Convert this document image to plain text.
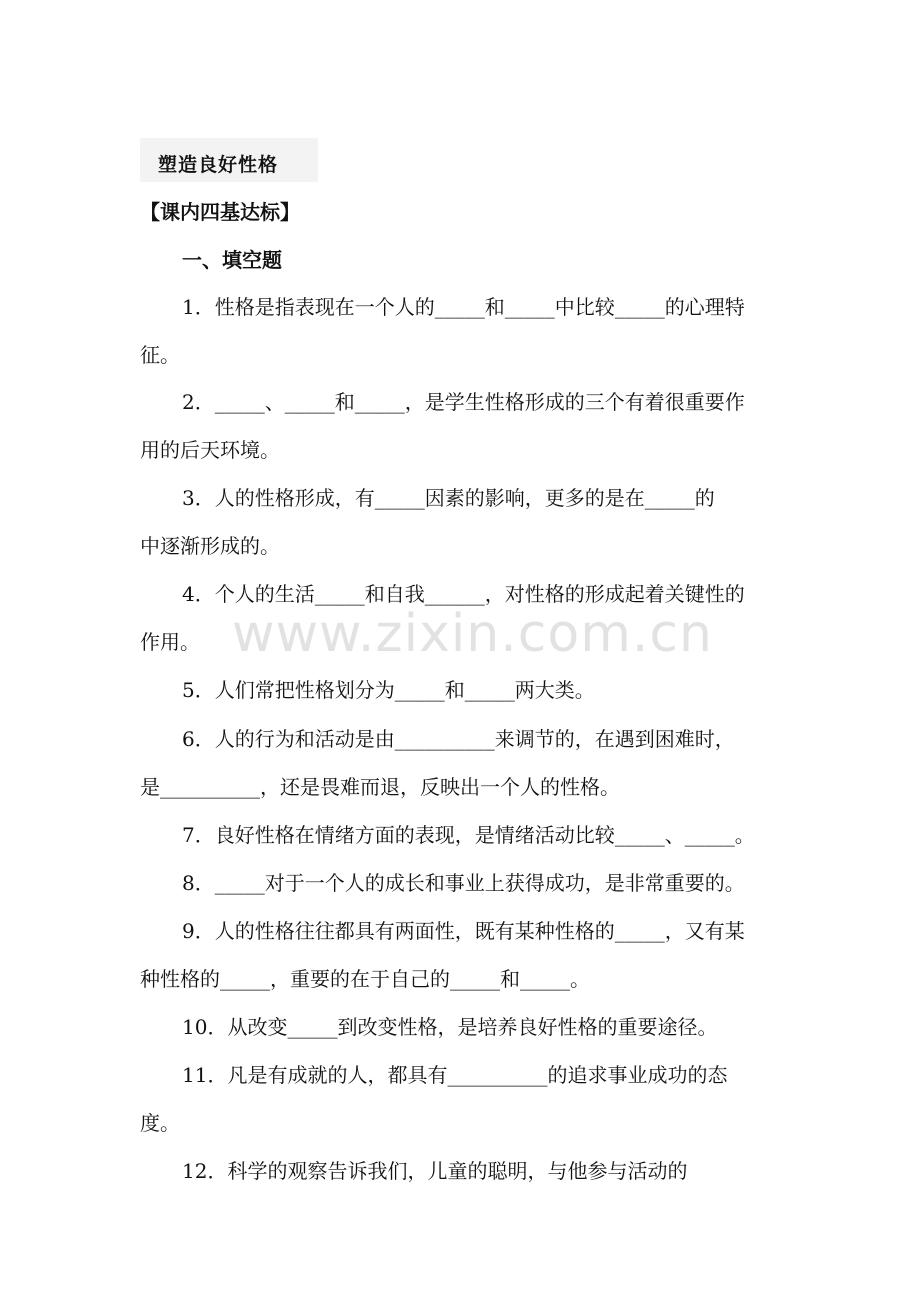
塑造良好性格
【课内四基达标】
一、填空题
1．性格是指表现在一个人的_____和_____中比较_____的心理特
征。
2．_____、_____和_____，是学生性格形成的三个有着很重要作
用的后天环境。
3．人的性格形成，有_____因素的影响，更多的是在_____的
中逐渐形成的。
4．个人的生活_____和自我______，对性格的形成起着关键性的
作用。
5．人们常把性格划分为_____和_____两大类。
6．人的行为和活动是由__________来调节的，在遇到困难时，
是__________，还是畏难而退，反映出一个人的性格。
7．良好性格在情绪方面的表现，是情绪活动比较_____、_____。
8．_____对于一个人的成长和事业上获得成功，是非常重要的。
9．人的性格往往都具有两面性，既有某种性格的_____，又有某
种性格的_____，重要的在于自己的_____和_____。
10．从改变_____到改变性格，是培养良好性格的重要途径。
11．凡是有成就的人，都具有__________的追求事业成功的态
度。
12．科学的观察告诉我们，儿童的聪明，与他参与活动的
www.zixin.com.cn
